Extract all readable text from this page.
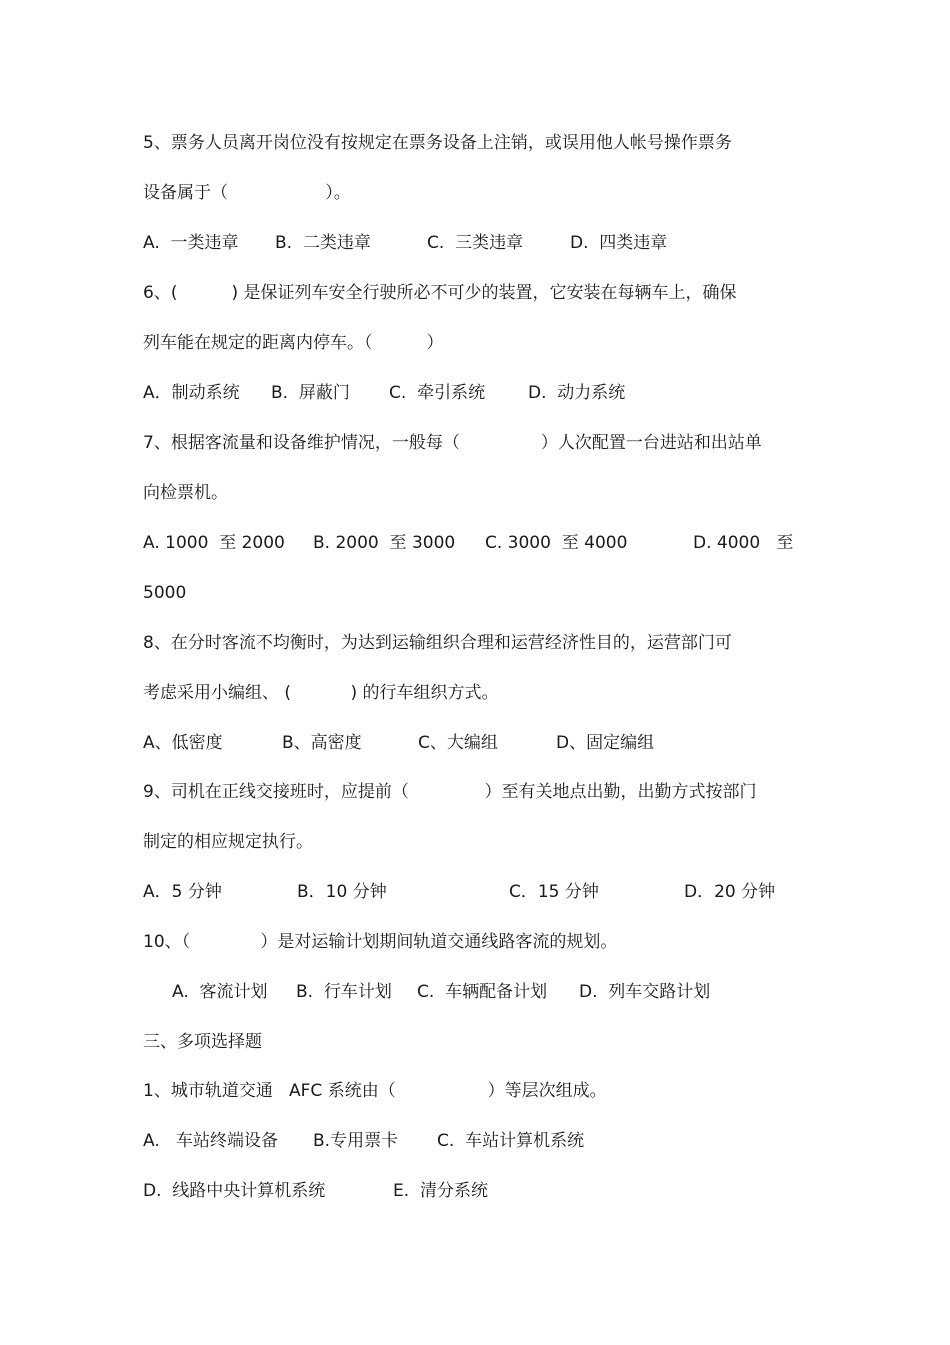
5、票务人员离开岗位没有按规定在票务设备上注销，或误用他人帐号操作票务

设备属于（                  ）。

A.  一类违章

B.  二类违章

	C.  三类违章

	D.  四类违章

6、(          ) 是保证列车安全行驶所必不可少的装置，它安装在每辆车上，确保

列车能在规定的距离内停车。（          ）

A．制动系统

B.  屏蔽门

C.  牵引系统

	D.  动力系统

7、根据客流量和设备维护情况，一般每（               ）人次配置一台进站和出站单

向检票机。

A. 1000  至 2000

B. 2000  至 3000

C. 3000  至 4000

	D. 4000   至

5000

8、在分时客流不均衡时，为达到运输组织合理和运营经济性目的，运营部门可

考虑采用小编组、 (           ) 的行车组织方式。

A、低密度

	B、高密度

	C、大编组

	D、固定编组

9、司机在正线交接班时，应提前（              ）至有关地点出勤，出勤方式按部门

制定的相应规定执行。

A．5 分钟

	B．10 分钟

	C．15 分钟

	D．20 分钟

10、（             ）是对运输计划期间轨道交通线路客流的规划。

A.  客流计划

B.  行车计划

C.  车辆配备计划

D.  列车交路计划

三、多项选择题

1、城市轨道交通   AFC 系统由（                 ）等层次组成。

A.   车站终端设备

B.专用票卡

C.  车站计算机系统

D.  线路中央计算机系统

	E.  清分系统
